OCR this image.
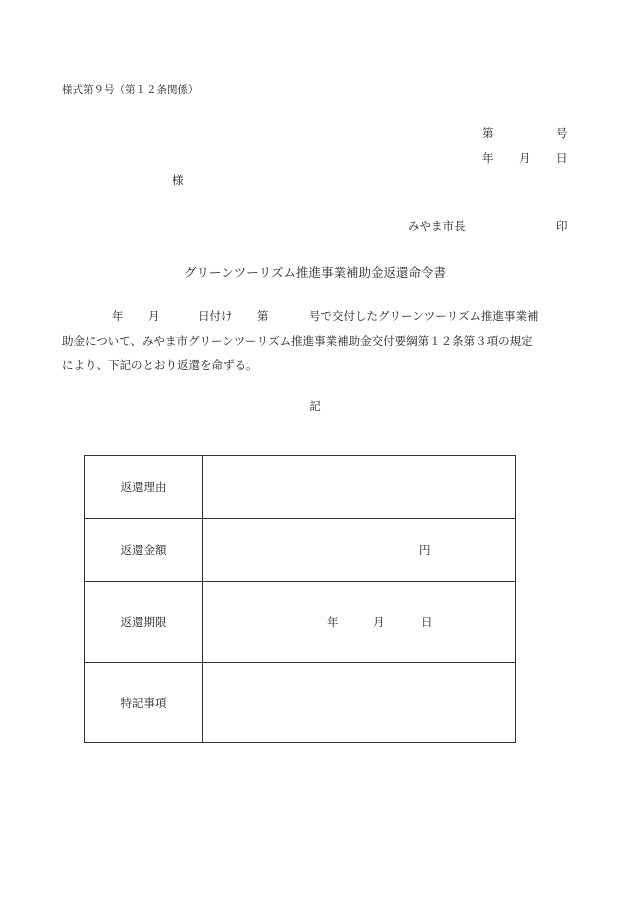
様式第９号（第１２条関係）
第	号
年 月 日
様
みやま市長	印
グリーンツーリズム推進事業補助金返還命令書
年 月	日付け 第	号で交付したグリーンツーリズム推進事業補
助金について、みやま市グリーンツーリズム推進事業補助金交付要綱第１２条第３項の規定
により、下記のとおり返還を命ずる。
記
返還理由	
返還金額	円

返還期限	年 月 日

特記事項	
